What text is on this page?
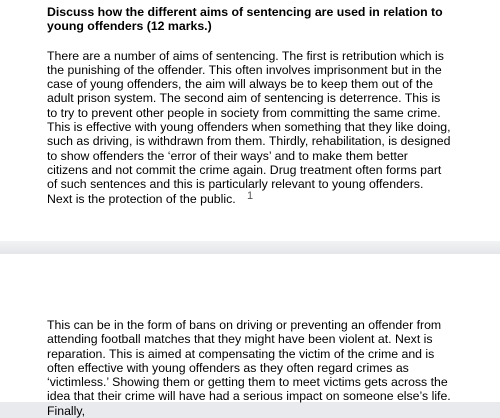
Discuss how the different aims of sentencing are used in relation to young offenders (12 marks.)

There are a number of aims of sentencing. The first is retribution which is the punishing of the offender. This often involves imprisonment but in the case of young offenders, the aim will always be to keep them out of the adult prison system. The second aim of sentencing is deterrence. This is to try to prevent other people in society from committing the same crime. This is effective with young offenders when something that they like doing, such as driving, is withdrawn from them. Thirdly, rehabilitation, is designed to show offenders the ‘error of their ways’ and to make them better citizens and not commit the crime again. Drug treatment often forms part of such sentences and this is particularly relevant to young offenders. Next is the protection of the public.	1

This can be in the form of bans on driving or preventing an offender from attending football matches that they might have been violent at. Next is reparation. This is aimed at compensating the victim of the crime and is often effective with young offenders as they often regard crimes as ‘victimless.’ Showing them or getting them to meet victims gets across the idea that their crime will have had a serious impact on someone else’s life. Finally,
